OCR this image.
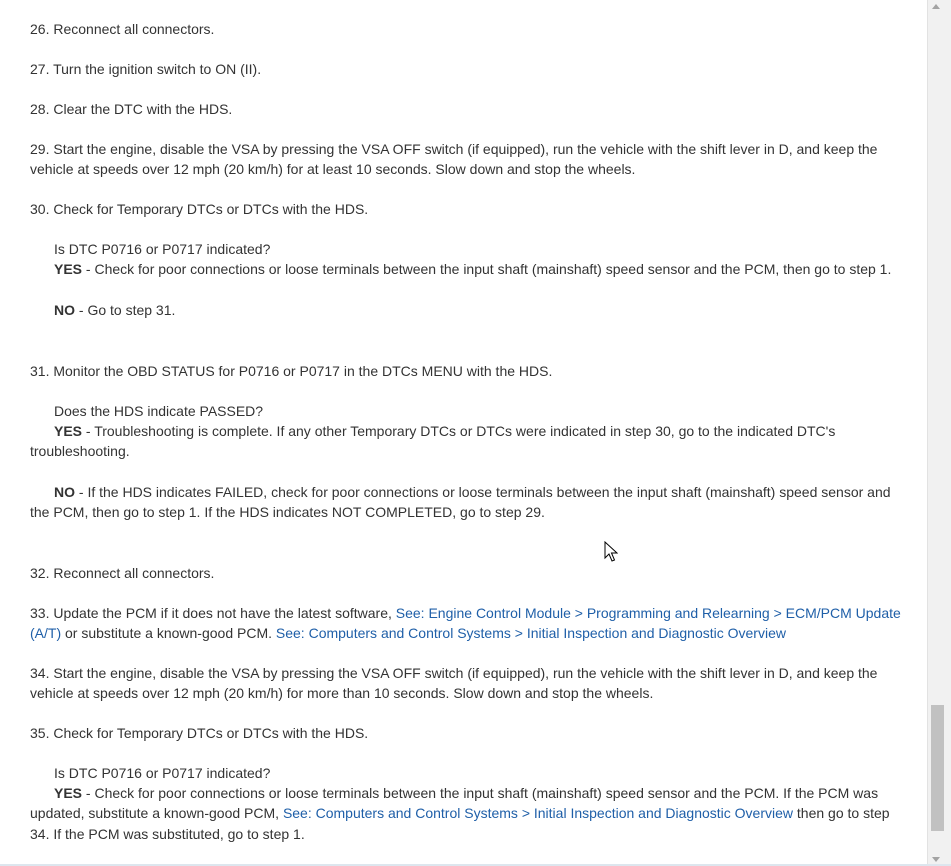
26. Reconnect all connectors.

27. Turn the ignition switch to ON (II).

28. Clear the DTC with the HDS.

29. Start the engine, disable the VSA by pressing the VSA OFF switch (if equipped), run the vehicle with the shift lever in D, and keep the vehicle at speeds over 12 mph (20 km/h) for at least 10 seconds. Slow down and stop the wheels.

30. Check for Temporary DTCs or DTCs with the HDS.

Is DTC P0716 or P0717 indicated?

YES - Check for poor connections or loose terminals between the input shaft (mainshaft) speed sensor and the PCM, then go to step 1.

NO - Go to step 31.

31. Monitor the OBD STATUS for P0716 or P0717 in the DTCs MENU with the HDS.

Does the HDS indicate PASSED?

YES - Troubleshooting is complete. If any other Temporary DTCs or DTCs were indicated in step 30, go to the indicated DTC's troubleshooting.

NO - If the HDS indicates FAILED, check for poor connections or loose terminals between the input shaft (mainshaft) speed sensor and the PCM, then go to step 1. If the HDS indicates NOT COMPLETED, go to step 29.

32. Reconnect all connectors.

33. Update the PCM if it does not have the latest software, See: Engine Control Module > Programming and Relearning > ECM/PCM Update (A/T) or substitute a known-good PCM. See: Computers and Control Systems > Initial Inspection and Diagnostic Overview

34. Start the engine, disable the VSA by pressing the VSA OFF switch (if equipped), run the vehicle with the shift lever in D, and keep the vehicle at speeds over 12 mph (20 km/h) for more than 10 seconds. Slow down and stop the wheels.

35. Check for Temporary DTCs or DTCs with the HDS.

Is DTC P0716 or P0717 indicated?

YES - Check for poor connections or loose terminals between the input shaft (mainshaft) speed sensor and the PCM. If the PCM was updated, substitute a known-good PCM, See: Computers and Control Systems > Initial Inspection and Diagnostic Overview then go to step 34. If the PCM was substituted, go to step 1.
